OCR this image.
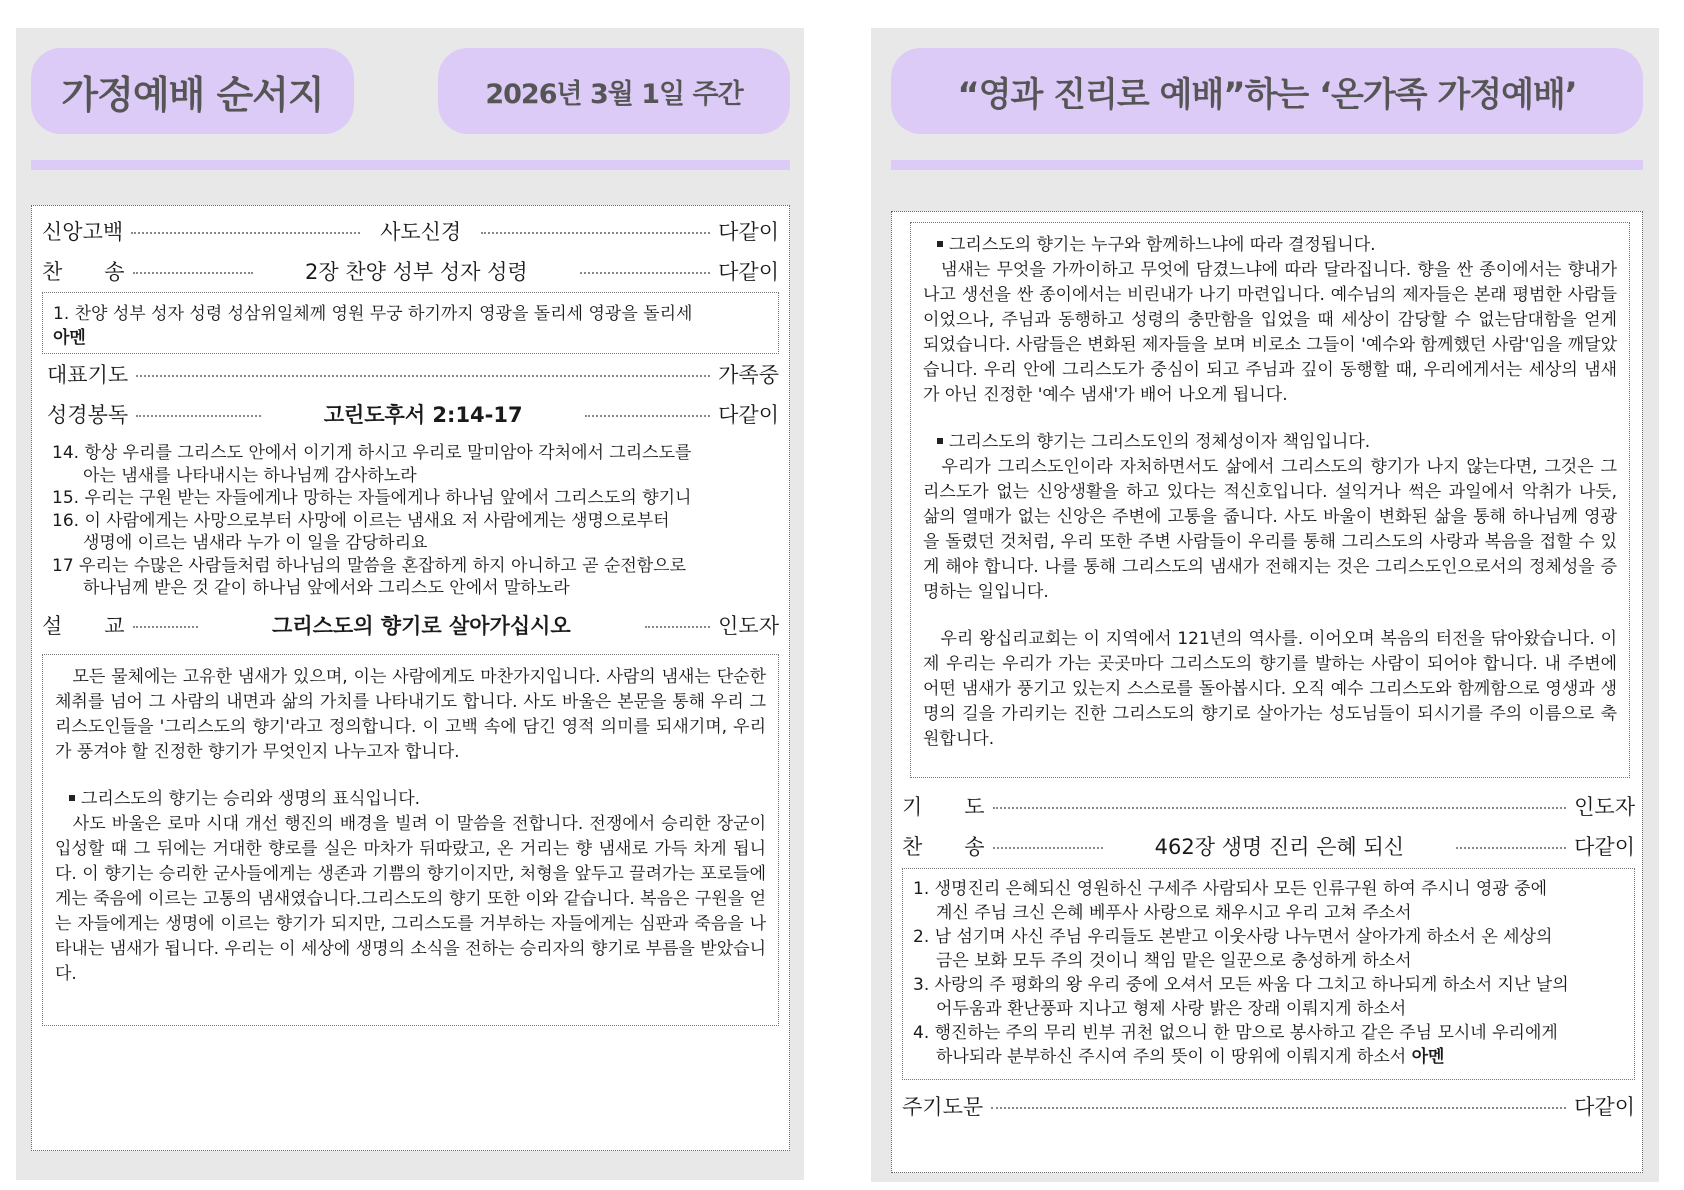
가정예배 순서지	2026년 3월 1일 주간
신앙고백	사도신경	다같이
찬　　송	2장 찬양 성부 성자 성령	다같이
1. 찬양 성부 성자 성령 성삼위일체께 영원 무궁 하기까지 영광을 돌리세 영광을 돌리세
아멘
대표기도	가족중
성경봉독	고린도후서 2:14-17	다같이
14. 항상 우리를 그리스도 안에서 이기게 하시고 우리로 말미암아 각처에서 그리스도를
아는 냄새를 나타내시는 하나님께 감사하노라
15. 우리는 구원 받는 자들에게나 망하는 자들에게나 하나님 앞에서 그리스도의 향기니
16. 이 사람에게는 사망으로부터 사망에 이르는 냄새요 저 사람에게는 생명으로부터
생명에 이르는 냄새라 누가 이 일을 감당하리요
17 우리는 수많은 사람들처럼 하나님의 말씀을 혼잡하게 하지 아니하고 곧 순전함으로
하나님께 받은 것 같이 하나님 앞에서와 그리스도 안에서 말하노라
설　　교	그리스도의 향기로 살아가십시오	인도자
　모든 물체에는 고유한 냄새가 있으며, 이는 사람에게도 마찬가지입니다. 사람의 냄새는 단순한 체취를 넘어 그 사람의 내면과 삶의 가치를 나타내기도 합니다. 사도 바울은 본문을 통해 우리 그리스도인들을 '그리스도의 향기'라고 정의합니다. 이 고백 속에 담긴 영적 의미를 되새기며, 우리가 풍겨야 할 진정한 향기가 무엇인지 나누고자 합니다.
그리스도의 향기는 승리와 생명의 표식입니다.
　사도 바울은 로마 시대 개선 행진의 배경을 빌려 이 말씀을 전합니다. 전쟁에서 승리한 장군이 입성할 때 그 뒤에는 거대한 향로를 실은 마차가 뒤따랐고, 온 거리는 향 냄새로 가득 차게 됩니다. 이 향기는 승리한 군사들에게는 생존과 기쁨의 향기이지만, 처형을 앞두고 끌려가는 포로들에게는 죽음에 이르는 고통의 냄새였습니다.그리스도의 향기 또한 이와 같습니다. 복음은 구원을 얻는 자들에게는 생명에 이르는 향기가 되지만, 그리스도를 거부하는 자들에게는 심판과 죽음을 나타내는 냄새가 됩니다. 우리는 이 세상에 생명의 소식을 전하는 승리자의 향기로 부름을 받았습니다.
“영과 진리로 예배”하는 ‘온가족 가정예배’
그리스도의 향기는 누구와 함께하느냐에 따라 결정됩니다.
　냄새는 무엇을 가까이하고 무엇에 담겼느냐에 따라 달라집니다. 향을 싼 종이에서는 향내가 나고 생선을 싼 종이에서는 비린내가 나기 마련입니다. 예수님의 제자들은 본래 평범한 사람들이었으나, 주님과 동행하고 성령의 충만함을 입었을 때 세상이 감당할 수 없는담대함을 얻게 되었습니다. 사람들은 변화된 제자들을 보며 비로소 그들이 '예수와 함께했던 사람'임을 깨달았습니다. 우리 안에 그리스도가 중심이 되고 주님과 깊이 동행할 때, 우리에게서는 세상의 냄새가 아닌 진정한 '예수 냄새'가 배어 나오게 됩니다.
그리스도의 향기는 그리스도인의 정체성이자 책임입니다.
　우리가 그리스도인이라 자처하면서도 삶에서 그리스도의 향기가 나지 않는다면, 그것은 그리스도가 없는 신앙생활을 하고 있다는 적신호입니다. 설익거나 썩은 과일에서 악취가 나듯, 삶의 열매가 없는 신앙은 주변에 고통을 줍니다. 사도 바울이 변화된 삶을 통해 하나님께 영광을 돌렸던 것처럼, 우리 또한 주변 사람들이 우리를 통해 그리스도의 사랑과 복음을 접할 수 있게 해야 합니다. 나를 통해 그리스도의 냄새가 전해지는 것은 그리스도인으로서의 정체성을 증명하는 일입니다.
　우리 왕십리교회는 이 지역에서 121년의 역사를. 이어오며 복음의 터전을 닦아왔습니다. 이제 우리는 우리가 가는 곳곳마다 그리스도의 향기를 발하는 사람이 되어야 합니다. 내 주변에 어떤 냄새가 풍기고 있는지 스스로를 돌아봅시다. 오직 예수 그리스도와 함께함으로 영생과 생명의 길을 가리키는 진한 그리스도의 향기로 살아가는 성도님들이 되시기를 주의 이름으로 축원합니다.
기　　도	인도자
찬　　송	462장 생명 진리 은혜 되신	다같이
1. 생명진리 은혜되신 영원하신 구세주 사람되사 모든 인류구원 하여 주시니 영광 중에
계신 주님 크신 은혜 베푸사 사랑으로 채우시고 우리 고쳐 주소서
2. 남 섬기며 사신 주님 우리들도 본받고 이웃사랑 나누면서 살아가게 하소서 온 세상의
금은 보화 모두 주의 것이니 책임 맡은 일꾼으로 충성하게 하소서
3. 사랑의 주 평화의 왕 우리 중에 오셔서 모든 싸움 다 그치고 하나되게 하소서 지난 날의
어두움과 환난풍파 지나고 형제 사랑 밝은 장래 이뤄지게 하소서
4. 행진하는 주의 무리 빈부 귀천 없으니 한 맘으로 봉사하고 같은 주님 모시네 우리에게
하나되라 분부하신 주시여 주의 뜻이 이 땅위에 이뤄지게 하소서 아멘
주기도문	다같이
